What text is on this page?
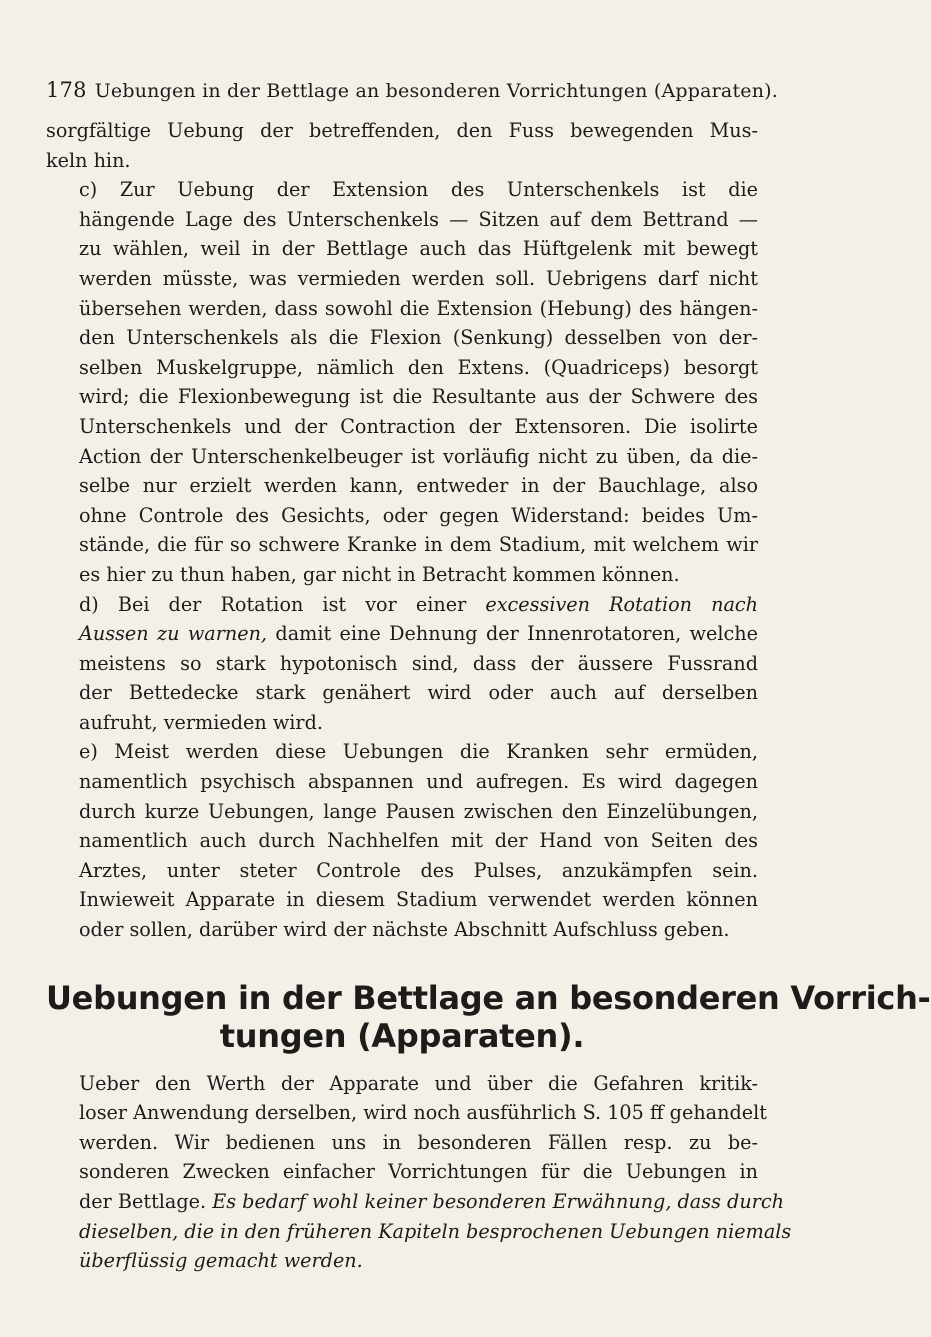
178 Uebungen in der Bettlage an besonderen Vorrichtungen (Apparaten).

sorgfältige Uebung der betreffenden, den Fuss bewegenden Mus-
keln hin.

c) Zur Uebung der Extension des Unterschenkels ist die
hängende Lage des Unterschenkels — Sitzen auf dem Bettrand —
zu wählen, weil in der Bettlage auch das Hüftgelenk mit bewegt
werden müsste, was vermieden werden soll. Uebrigens darf nicht
übersehen werden, dass sowohl die Extension (Hebung) des hängen-
den Unterschenkels als die Flexion (Senkung) desselben von der-
selben Muskelgruppe, nämlich den Extens. (Quadriceps) besorgt
wird; die Flexionbewegung ist die Resultante aus der Schwere des
Unterschenkels und der Contraction der Extensoren. Die isolirte
Action der Unterschenkelbeuger ist vorläufig nicht zu üben, da die-
selbe nur erzielt werden kann, entweder in der Bauchlage, also
ohne Controle des Gesichts, oder gegen Widerstand: beides Um-
stände, die für so schwere Kranke in dem Stadium, mit welchem wir
es hier zu thun haben, gar nicht in Betracht kommen können.

d) Bei der Rotation ist vor einer excessiven Rotation nach
Aussen zu warnen, damit eine Dehnung der Innenrotatoren, welche
meistens so stark hypotonisch sind, dass der äussere Fussrand
der Bettedecke stark genähert wird oder auch auf derselben
aufruht, vermieden wird.

e) Meist werden diese Uebungen die Kranken sehr ermüden,
namentlich psychisch abspannen und aufregen. Es wird dagegen
durch kurze Uebungen, lange Pausen zwischen den Einzelübungen,
namentlich auch durch Nachhelfen mit der Hand von Seiten des
Arztes, unter steter Controle des Pulses, anzukämpfen sein.
Inwieweit Apparate in diesem Stadium verwendet werden können
oder sollen, darüber wird der nächste Abschnitt Aufschluss geben.

Uebungen in der Bettlage an besonderen Vorrich-
tungen (Apparaten).

Ueber den Werth der Apparate und über die Gefahren kritik-
loser Anwendung derselben, wird noch ausführlich S. 105 ff gehandelt
werden. Wir bedienen uns in besonderen Fällen resp. zu be-
sonderen Zwecken einfacher Vorrichtungen für die Uebungen in
der Bettlage. Es bedarf wohl keiner besonderen Erwähnung, dass durch
dieselben, die in den früheren Kapiteln besprochenen Uebungen niemals
überflüssig gemacht werden.
